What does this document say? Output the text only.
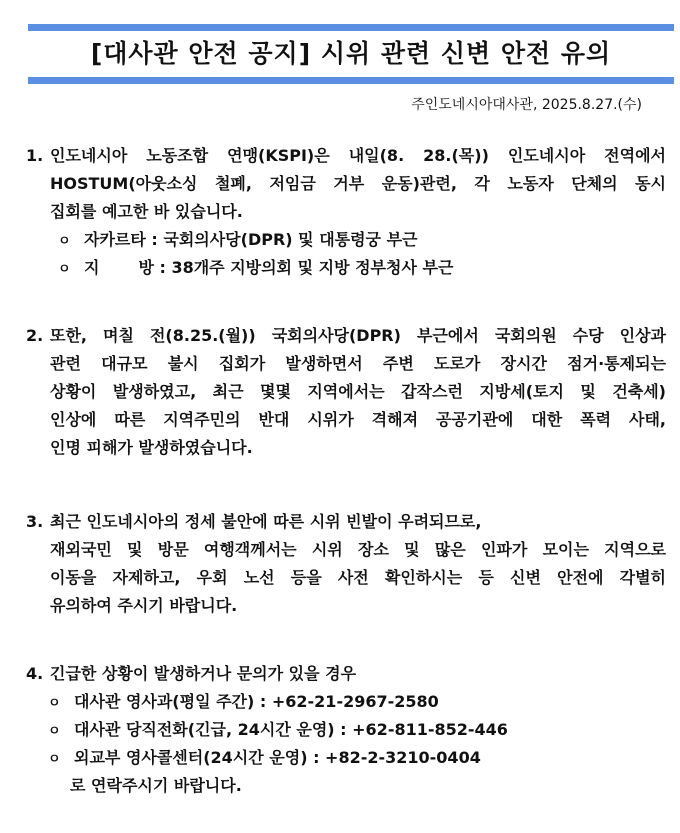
[대사관 안전 공지] 시위 관련 신변 안전 유의
주인도네시아대사관, 2025.8.27.(수)
1. 인도네시아 노동조합 연맹(KSPI)은 내일(8. 28.(목)) 인도네시아 전역에서
HOSTUM(아웃소싱 철폐, 저임금 거부 운동)관련, 각 노동자 단체의 동시
집회를 예고한 바 있습니다.
ㅇ 자카르타 : 국회의사당(DPR) 및 대통령궁 부근
ㅇ 지       방 : 38개주 지방의회 및 지방 정부청사 부근
2. 또한, 며칠 전(8.25.(월)) 국회의사당(DPR) 부근에서 국회의원 수당 인상과
관련 대규모 불시 집회가 발생하면서 주변 도로가 장시간 점거·통제되는
상황이 발생하였고, 최근 몇몇 지역에서는 갑작스런 지방세(토지 및 건축세)
인상에 따른 지역주민의 반대 시위가 격해져 공공기관에 대한 폭력 사태,
인명 피해가 발생하였습니다.
3. 최근 인도네시아의 정세 불안에 따른 시위 빈발이 우려되므로,
재외국민 및 방문 여행객께서는 시위 장소 및 많은 인파가 모이는 지역으로
이동을 자제하고, 우회 노선 등을 사전 확인하시는 등 신변 안전에 각별히
유의하여 주시기 바랍니다.
4. 긴급한 상황이 발생하거나 문의가 있을 경우
ㅇ 대사관 영사과(평일 주간) : +62-21-2967-2580
ㅇ 대사관 당직전화(긴급, 24시간 운영) : +62-811-852-446
ㅇ 외교부 영사콜센터(24시간 운영) : +82-2-3210-0404
로 연락주시기 바랍니다.
